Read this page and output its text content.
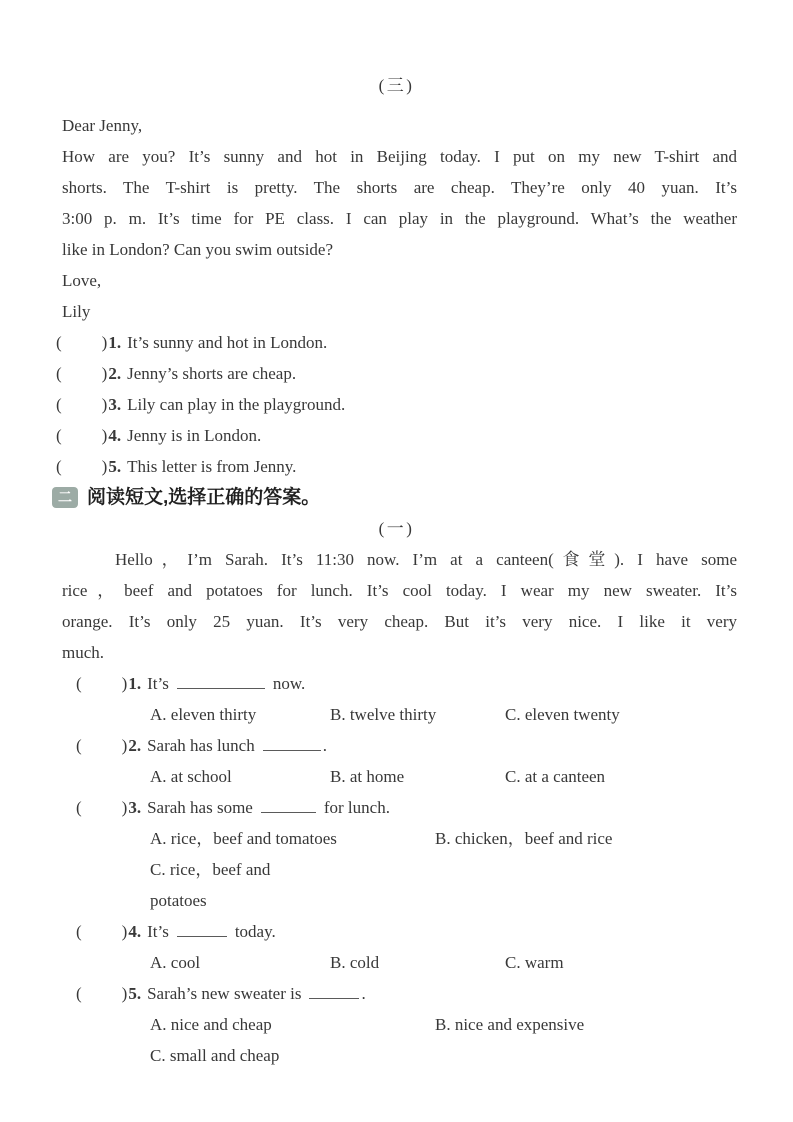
(三)
Dear Jenny,
How are you? It’s sunny and hot in Beijing today. I put on my new T-shirt and
shorts. The T-shirt is pretty. The shorts are cheap. They’re only 40 yuan. It’s
3:00 p. m. It’s time for PE class. I can play in the playground. What’s the weather
like in London? Can you swim outside?
Love,
Lily
( )1. It’s sunny and hot in London.
( )2. Jenny’s shorts are cheap.
( )3. Lily can play in the playground.
( )4. Jenny is in London.
( )5. This letter is from Jenny.
二 阅读短文,选择正确的答案。
(一)
Hello，I’m Sarah. It’s 11:30 now. I’m at a canteen(食堂). I have some
rice，beef and potatoes for lunch. It’s cool today. I wear my new sweater. It’s
orange. It’s only 25 yuan. It’s very cheap. But it’s very nice. I like it very
much.
( )1. It’s	now.
A. eleven thirty	B. twelve thirty	C. eleven twenty
( )2. Sarah has lunch	.
A. at school	B. at home	C. at a canteen
( )3. Sarah has some	for lunch.
A. rice，beef and tomatoes	B. chicken，beef and rice
C. rice，beef and potatoes
( )4. It’s	today.
A. cool	B. cold	C. warm
( )5. Sarah’s new sweater is	.
A. nice and cheap	B. nice and expensive
C. small and cheap
